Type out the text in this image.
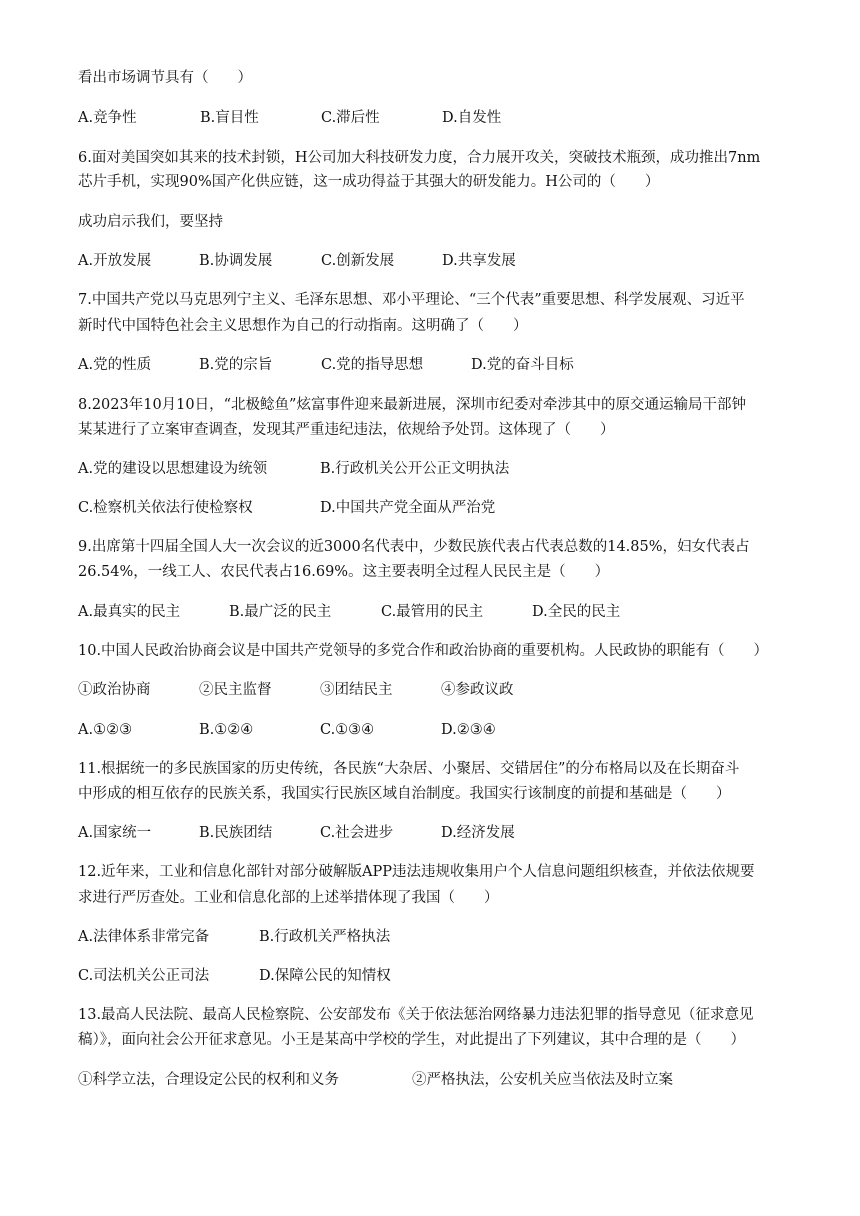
看出市场调节具有（　　）
A.竞争性	B.盲目性	C.滞后性	D.自发性
6.面对美国突如其来的技术封锁，H公司加大科技研发力度，合力展开攻关，突破技术瓶颈，成功推出7nm
芯片手机，实现90%国产化供应链，这一成功得益于其强大的研发能力。H公司的（　　）
成功启示我们，要坚持
A.开放发展	B.协调发展	C.创新发展	D.共享发展
7.中国共产党以马克思列宁主义、毛泽东思想、邓小平理论、“三个代表”重要思想、科学发展观、习近平
新时代中国特色社会主义思想作为自己的行动指南。这明确了（　　）
A.党的性质	B.党的宗旨	C.党的指导思想	D.党的奋斗目标
8.2023年10月10日，“北极鲶鱼”炫富事件迎来最新进展，深圳市纪委对牵涉其中的原交通运输局干部钟
某某进行了立案审查调查，发现其严重违纪违法，依规给予处罚。这体现了（　　）
A.党的建设以思想建设为统领	B.行政机关公开公正文明执法
C.检察机关依法行使检察权	D.中国共产党全面从严治党
9.出席第十四届全国人大一次会议的近3000名代表中，少数民族代表占代表总数的14.85%，妇女代表占
26.54%，一线工人、农民代表占16.69%。这主要表明全过程人民民主是（　　）
A.最真实的民主	B.最广泛的民主	C.最管用的民主	D.全民的民主
10.中国人民政治协商会议是中国共产党领导的多党合作和政治协商的重要机构。人民政协的职能有（　　）
①政治协商	②民主监督	③团结民主	④参政议政
A.①②③	B.①②④	C.①③④	D.②③④
11.根据统一的多民族国家的历史传统，各民族“大杂居、小聚居、交错居住”的分布格局以及在长期奋斗
中形成的相互依存的民族关系，我国实行民族区域自治制度。我国实行该制度的前提和基础是（　　）
A.国家统一	B.民族团结	C.社会进步	D.经济发展
12.近年来，工业和信息化部针对部分破解版APP违法违规收集用户个人信息问题组织核查，并依法依规要
求进行严厉查处。工业和信息化部的上述举措体现了我国（　　）
A.法律体系非常完备	B.行政机关严格执法
C.司法机关公正司法	D.保障公民的知情权
13.最高人民法院、最高人民检察院、公安部发布《关于依法惩治网络暴力违法犯罪的指导意见（征求意见
稿）》，面向社会公开征求意见。小王是某高中学校的学生，对此提出了下列建议，其中合理的是（　　）
①科学立法，合理设定公民的权利和义务	②严格执法，公安机关应当依法及时立案
